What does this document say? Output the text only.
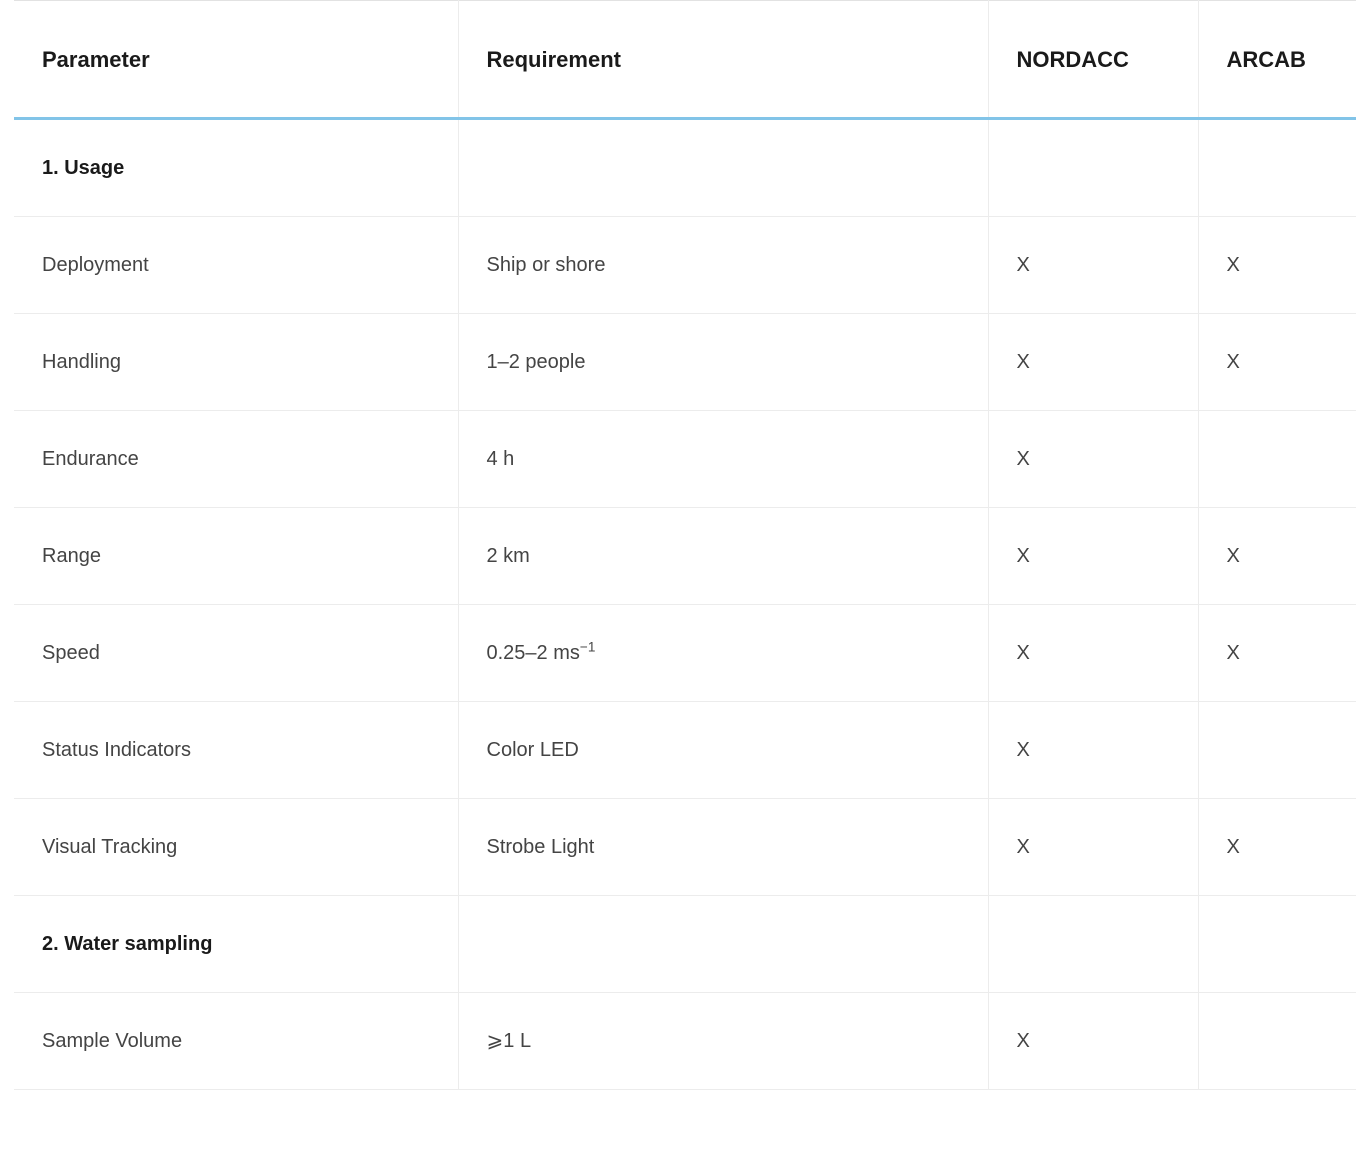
Parameter	Requirement	NORDACC	ARCAB
1. Usage			
Deployment	Ship or shore	X	X
Handling	1–2 people	X	X
Endurance	4 h	X	
Range	2 km	X	X
Speed	0.25–2 $ms^{-1}$	X	X
Status Indicators	Color LED	X	
Visual Tracking	Strobe Light	X	X
2. Water sampling			
Sample Volume	⩾1 L	X	
